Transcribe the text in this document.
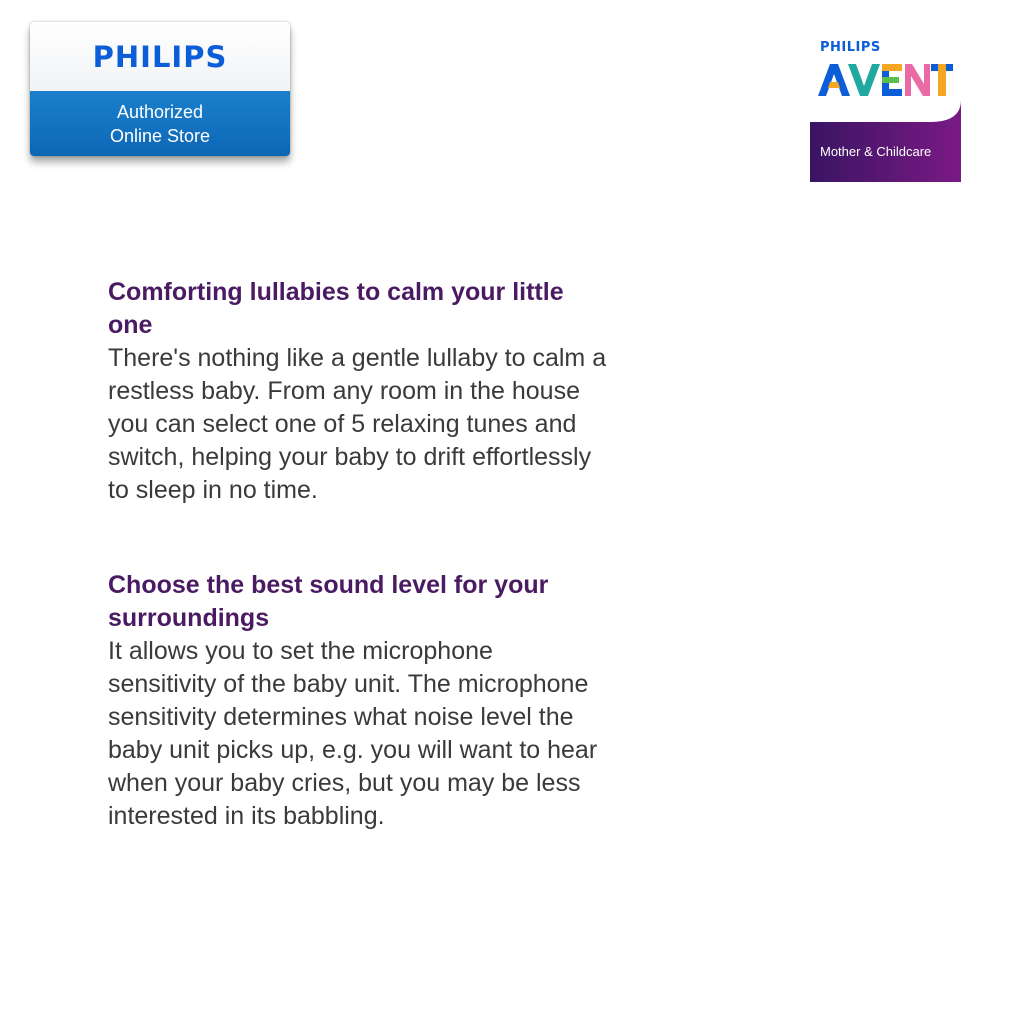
PHILIPS
Authorized
Online Store
PHILIPS
Mother & Childcare

Comforting lullabies to calm your little one

There's nothing like a gentle lullaby to calm a restless baby. From any room in the house you can select one of 5 relaxing tunes and switch, helping your baby to drift effortlessly to sleep in no time.

Choose the best sound level for your surroundings

It allows you to set the microphone sensitivity of the baby unit. The microphone sensitivity determines what noise level the baby unit picks up, e.g. you will want to hear when your baby cries, but you may be less interested in its babbling.
